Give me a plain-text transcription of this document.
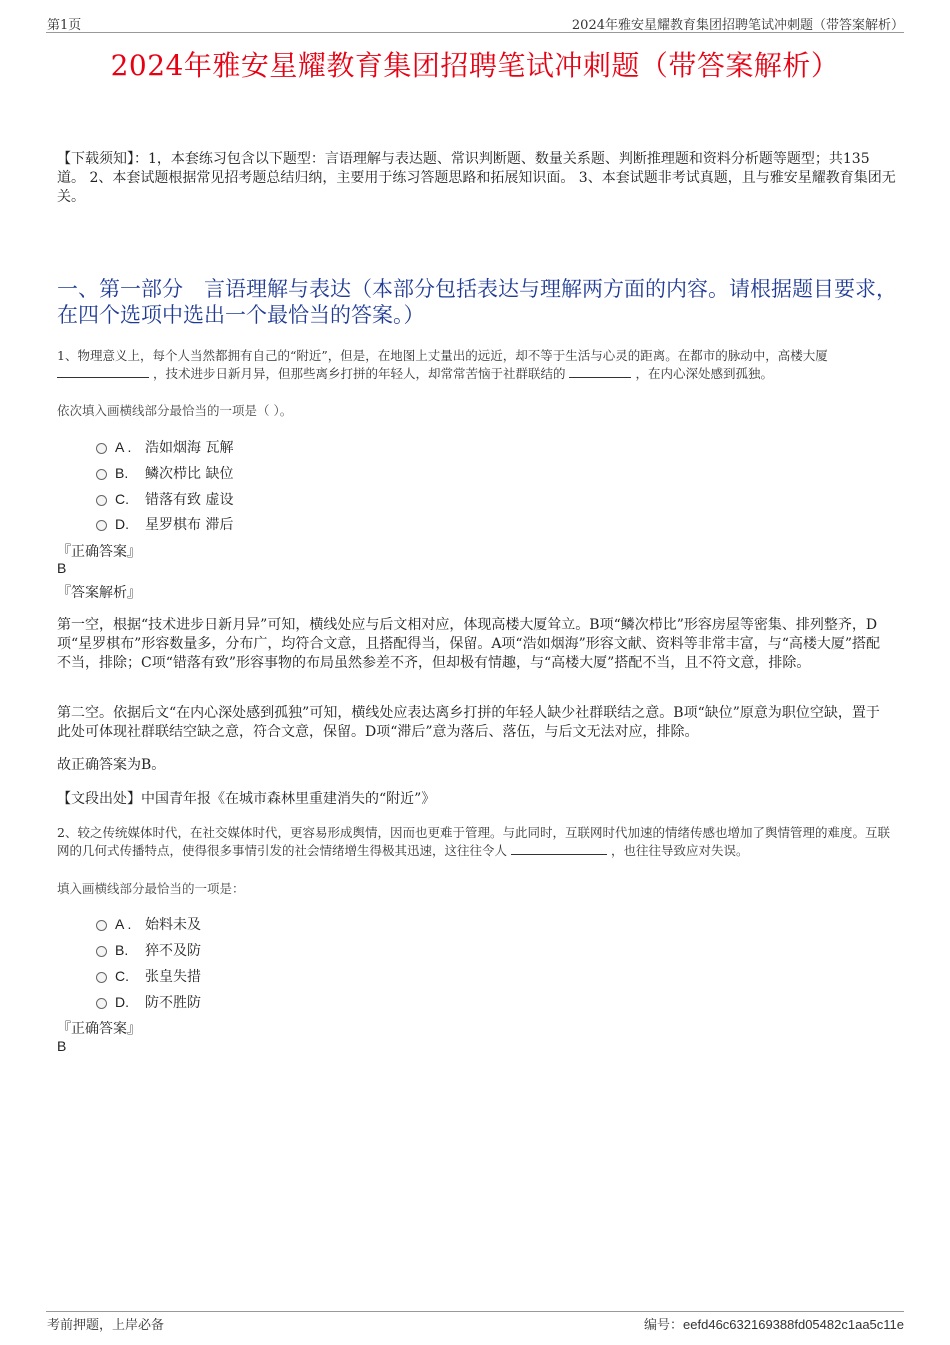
第1页	2024年雅安星耀教育集团招聘笔试冲刺题（带答案解析）
2024年雅安星耀教育集团招聘笔试冲刺题（带答案解析）
【下载须知】：1，本套练习包含以下题型：言语理解与表达题、常识判断题、数量关系题、判断推理题和资料分析题等题型；共135道。 2、本套试题根据常见招考题总结归纳，主要用于练习答题思路和拓展知识面。 3、本套试题非考试真题，且与雅安星耀教育集团无关。
一、第一部分　言语理解与表达（本部分包括表达与理解两方面的内容。请根据题目要求，在四个选项中选出一个最恰当的答案。）
1、物理意义上，每个人当然都拥有自己的“附近”，但是，在地图上丈量出的远近，却不等于生活与心灵的距离。在都市的脉动中，高楼大厦  ，技术进步日新月异，但那些离乡打拼的年轻人，却常常苦恼于社群联结的	，在内心深处感到孤独。
依次填入画横线部分最恰当的一项是（ ）。
A . 浩如烟海 瓦解
B.	鳞次栉比 缺位
C.	错落有致 虚设
D.	星罗棋布 滞后
『正确答案』
B
『答案解析』
第一空，根据“技术进步日新月异”可知，横线处应与后文相对应，体现高楼大厦耸立。B项“鳞次栉比”形容房屋等密集、排列整齐，D项“星罗棋布”形容数量多，分布广，均符合文意，且搭配得当，保留。A项“浩如烟海”形容文献、资料等非常丰富，与“高楼大厦”搭配不当，排除；C项“错落有致”形容事物的布局虽然参差不齐，但却极有情趣，与“高楼大厦”搭配不当，且不符文意，排除。
第二空。依据后文“在内心深处感到孤独”可知，横线处应表达离乡打拼的年轻人缺少社群联结之意。B项“缺位”原意为职位空缺，置于此处可体现社群联结空缺之意，符合文意，保留。D项“滞后”意为落后、落伍，与后文无法对应，排除。
故正确答案为B。
【文段出处】中国青年报《在城市森林里重建消失的“附近”》
2、较之传统媒体时代，在社交媒体时代，更容易形成舆情，因而也更难于管理。与此同时，互联网时代加速的情绪传感也增加了舆情管理的难度。互联网的几何式传播特点，使得很多事情引发的社会情绪增生得极其迅速，这往往令人	，也往往导致应对失误。
填入画横线部分最恰当的一项是：
A . 始料未及
B.	猝不及防
C.	张皇失措
D.	防不胜防
『正确答案』
B
考前押题，上岸必备	编号：eefd46c632169388fd05482c1aa5c11e
